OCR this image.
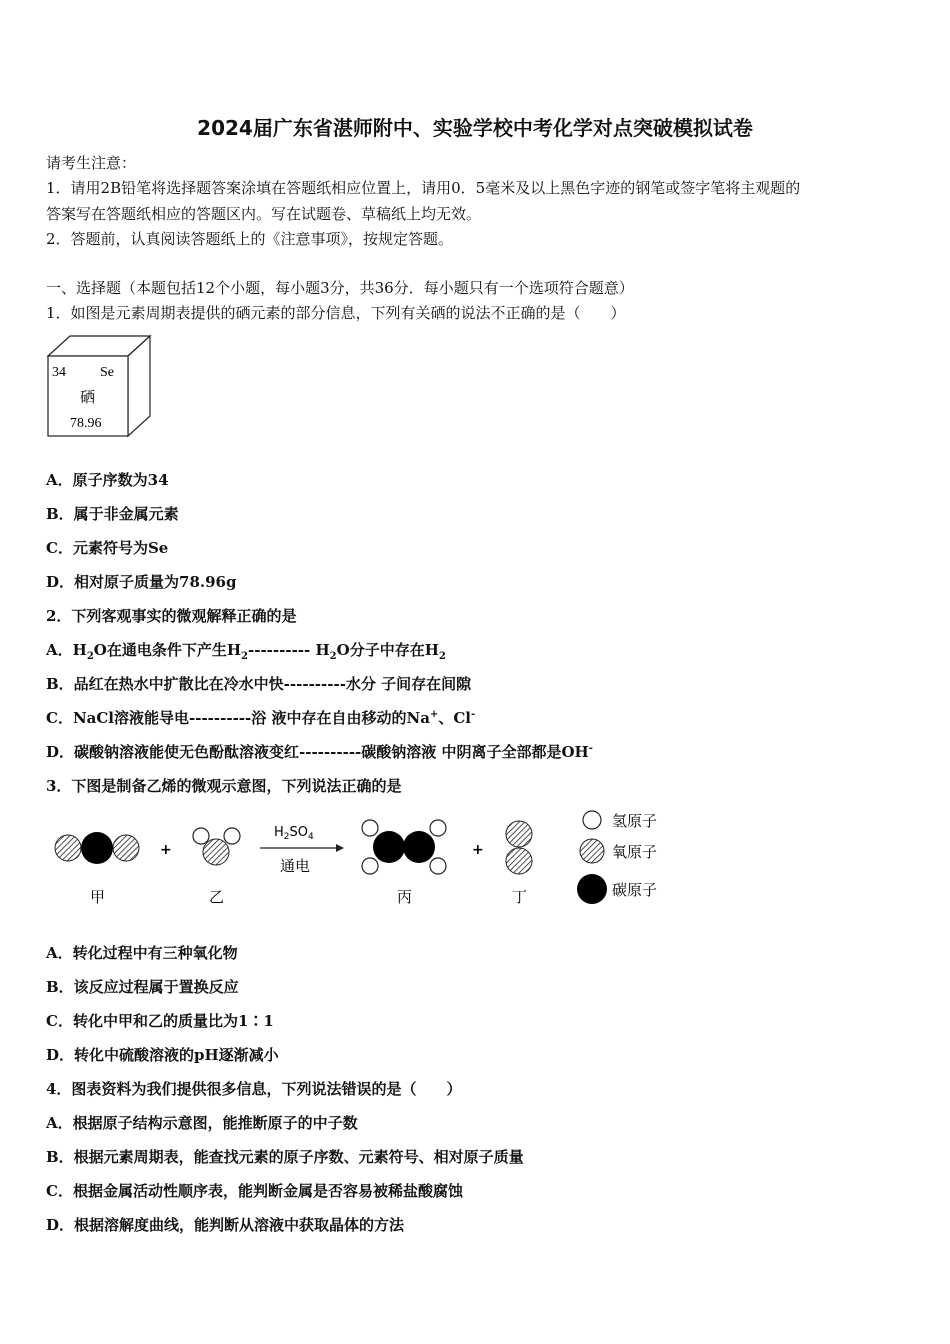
2024届广东省湛师附中、实验学校中考化学对点突破模拟试卷
请考生注意：
1．请用2B铅笔将选择题答案涂填在答题纸相应位置上，请用0．5毫米及以上黑色字迹的钢笔或签字笔将主观题的
答案写在答题纸相应的答题区内。写在试题卷、草稿纸上均无效。
2．答题前，认真阅读答题纸上的《注意事项》，按规定答题。
一、选择题（本题包括12个小题，每小题3分，共36分．每小题只有一个选项符合题意）
1．如图是元素周期表提供的硒元素的部分信息，下列有关硒的说法不正确的是（　　）
34 Se
硒
78.96
A．原子序数为34
B．属于非金属元素
C．元素符号为Se
D．相对原子质量为78.96g
2．下列客观事实的微观解释正确的是
A．$H_2O$在通电条件下产生$H_2----------$ $H_2O$分子中存在$H_2$
B．品红在热水中扩散比在冷水中快----------水分 子间存在间隙
C．NaCl溶液能导电----------浴 液中存在自由移动的Na+、Cl-
D．碳酸钠溶液能使无色酚酞溶液变红----------碳酸钠溶液 中阴离子全部都是OH-
3．下图是制备乙烯的微观示意图，下列说法正确的是
+
$H_2SO_4$
通电
+
甲	乙	丙	丁
氢原子
氧原子
碳原子
A．转化过程中有三种氧化物
B．该反应过程属于置换反应
C．转化中甲和乙的质量比为1∶1
D．转化中硫酸溶液的pH逐渐减小
4．图表资料为我们提供很多信息，下列说法错误的是（　　）
A．根据原子结构示意图，能推断原子的中子数
B．根据元素周期表，能查找元素的原子序数、元素符号、相对原子质量
C．根据金属活动性顺序表，能判断金属是否容易被稀盐酸腐蚀
D．根据溶解度曲线，能判断从溶液中获取晶体的方法
